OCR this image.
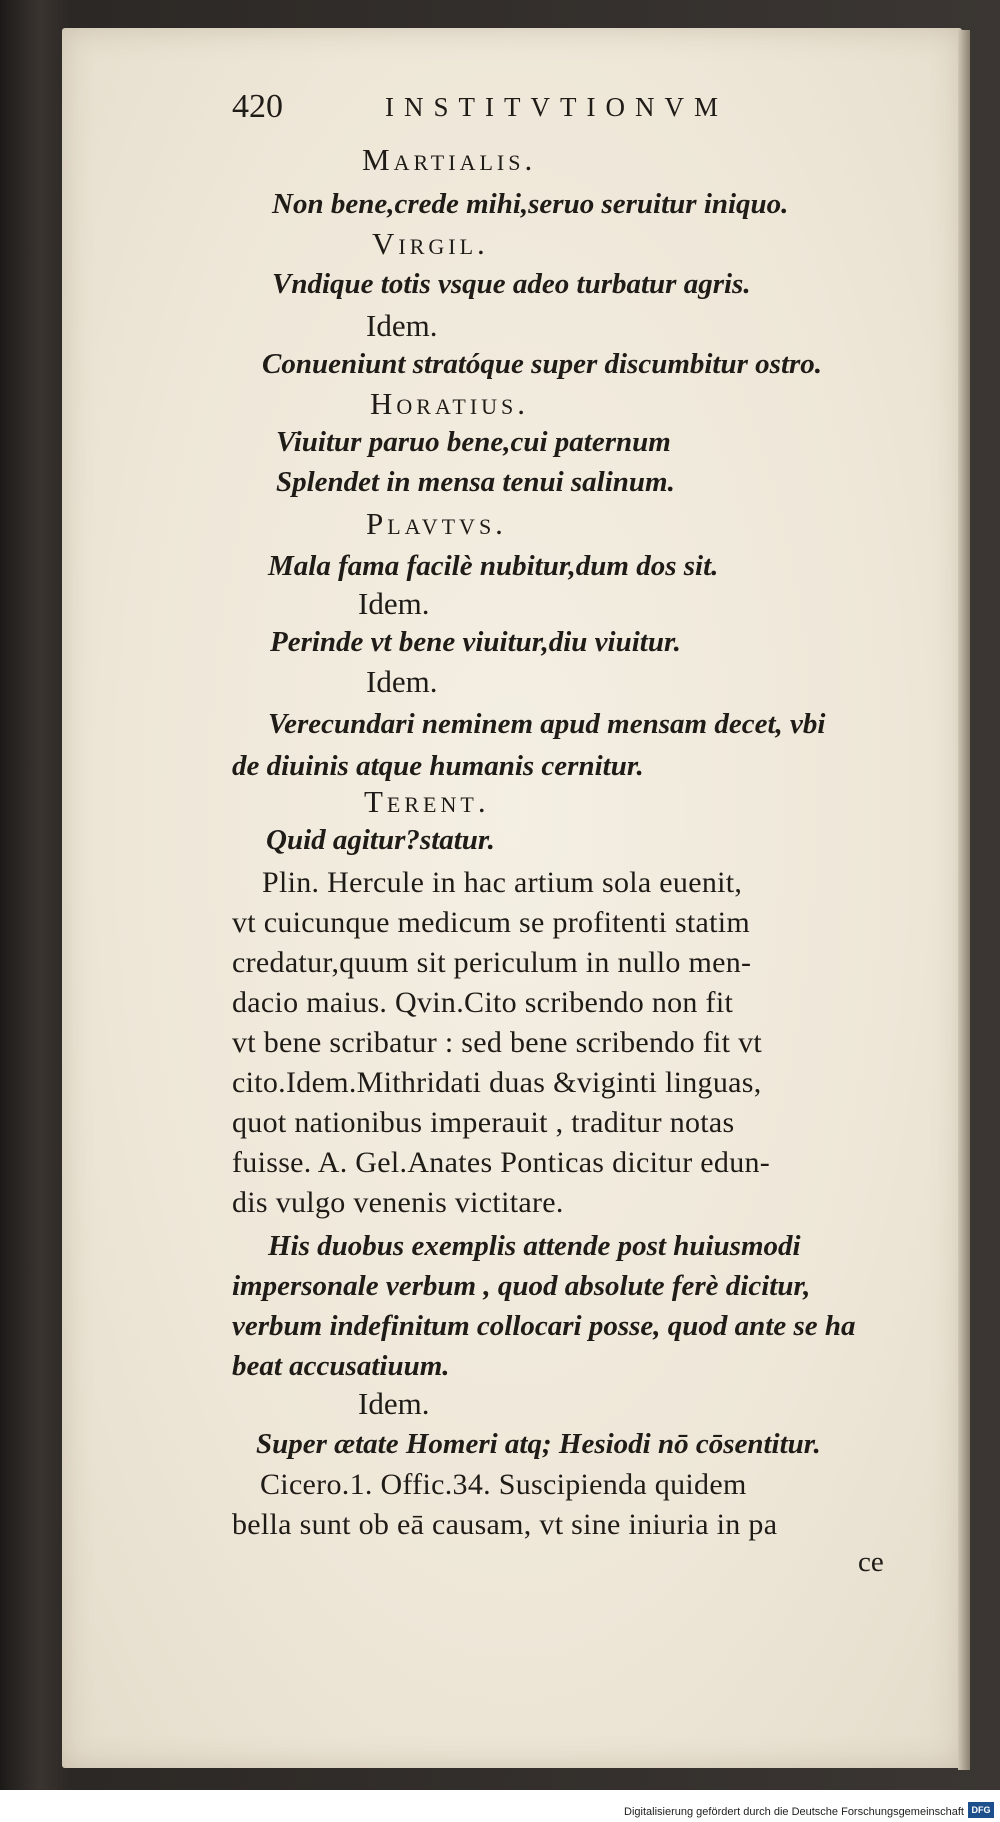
420	INSTITVTIONVM
Martialis.
Non bene,crede mihi,seruo seruitur iniquo.
Virgil.
Vndique totis vsque adeo turbatur agris.
Idem.
Conueniunt stratóque super discumbitur ostro.
Horatius.
Viuitur paruo bene,cui paternum
Splendet in mensa tenui salinum.
Plavtvs.
Mala fama facilè nubitur,dum dos sit.
Idem.
Perinde vt bene viuitur,diu viuitur.
Idem.
Verecundari neminem apud mensam decet, vbi
de diuinis atque humanis cernitur.
Terent.
Quid agitur?statur.
Plin. Hercule in hac artium sola euenit,
vt cuicunque medicum se profitenti statim
credatur,quum sit periculum in nullo men-
dacio maius. Qvin.Cito scribendo non fit
vt bene scribatur : sed bene scribendo fit vt
cito.Idem.Mithridati duas &viginti linguas,
quot nationibus imperauit , traditur notas
fuisse. A. Gel.Anates Ponticas dicitur edun-
dis vulgo venenis victitare.
His duobus exemplis attende post huiusmodi
impersonale verbum , quod absolute ferè dicitur,
verbum indefinitum collocari posse, quod ante se ha
beat accusatiuum.
Idem.
Super ætate Homeri atq; Hesiodi nō cōsentitur.
Cicero.1. Offic.34. Suscipienda quidem
bella sunt ob eā causam, vt sine iniuria in pa
ce
Digitalisierung gefördert durch die Deutsche Forschungsgemeinschaft DFG
